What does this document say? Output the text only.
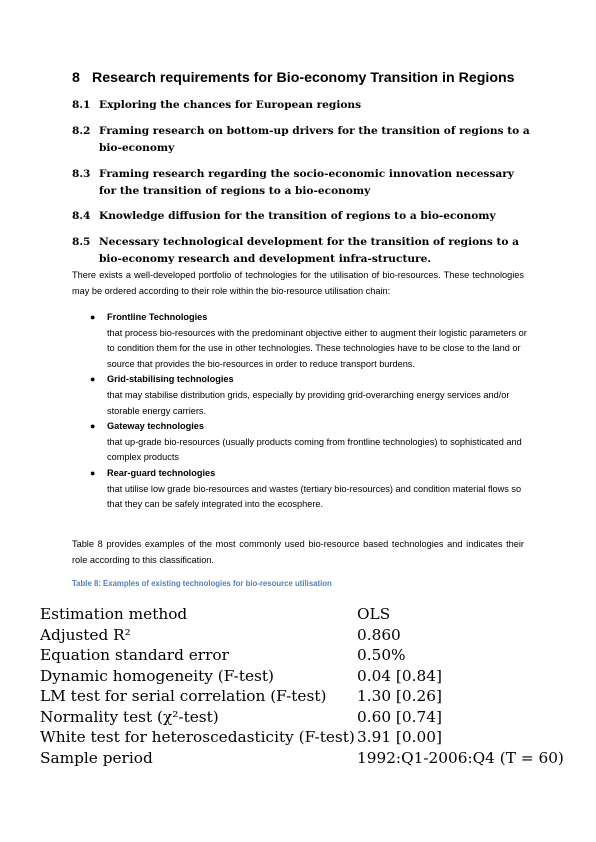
8 Research requirements for Bio-economy Transition in Regions
8.1 Exploring the chances for European regions
8.2 Framing research on bottom-up drivers for the transition of regions to a bio-economy
8.3 Framing research regarding the socio-economic innovation necessary for the transition of regions to a bio-economy
8.4 Knowledge diffusion for the transition of regions to a bio-economy
8.5 Necessary technological development for the transition of regions to a bio-economy research and development infra-structure.
There exists a well-developed portfolio of technologies for the utilisation of bio-resources. These technologies may be ordered according to their role within the bio-resource utilisation chain:
● Frontline Technologies
that process bio-resources with the predominant objective either to augment their logistic parameters or to condition them for the use in other technologies. These technologies have to be close to the land or source that provides the bio-resources in order to reduce transport burdens.
● Grid-stabilising technologies
that may stabilise distribution grids, especially by providing grid-overarching energy services and/or storable energy carriers.
● Gateway technologies
that up-grade bio-resources (usually products coming from frontline technologies) to sophisticated and complex products
● Rear-guard technologies
that utilise low grade bio-resources and wastes (tertiary bio-resources) and condition material flows so that they can be safely integrated into the ecosphere.
Table 8 provides examples of the most commonly used bio-resource based technologies and indicates their role according to this classification.
Table 8: Examples of existing technologies for bio-resource utilisation
Estimation method	OLS
Adjusted R²	0.860
Equation standard error	0.50%
Dynamic homogeneity (F-test)	0.04 [0.84]
LM test for serial correlation (F-test) 1.30 [0.26]
Normality test (χ²-test)	0.60 [0.74]
White test for heteroscedasticity (F-test) 3.91 [0.00]
Sample period	1992:Q1-2006:Q4 (T = 60)
